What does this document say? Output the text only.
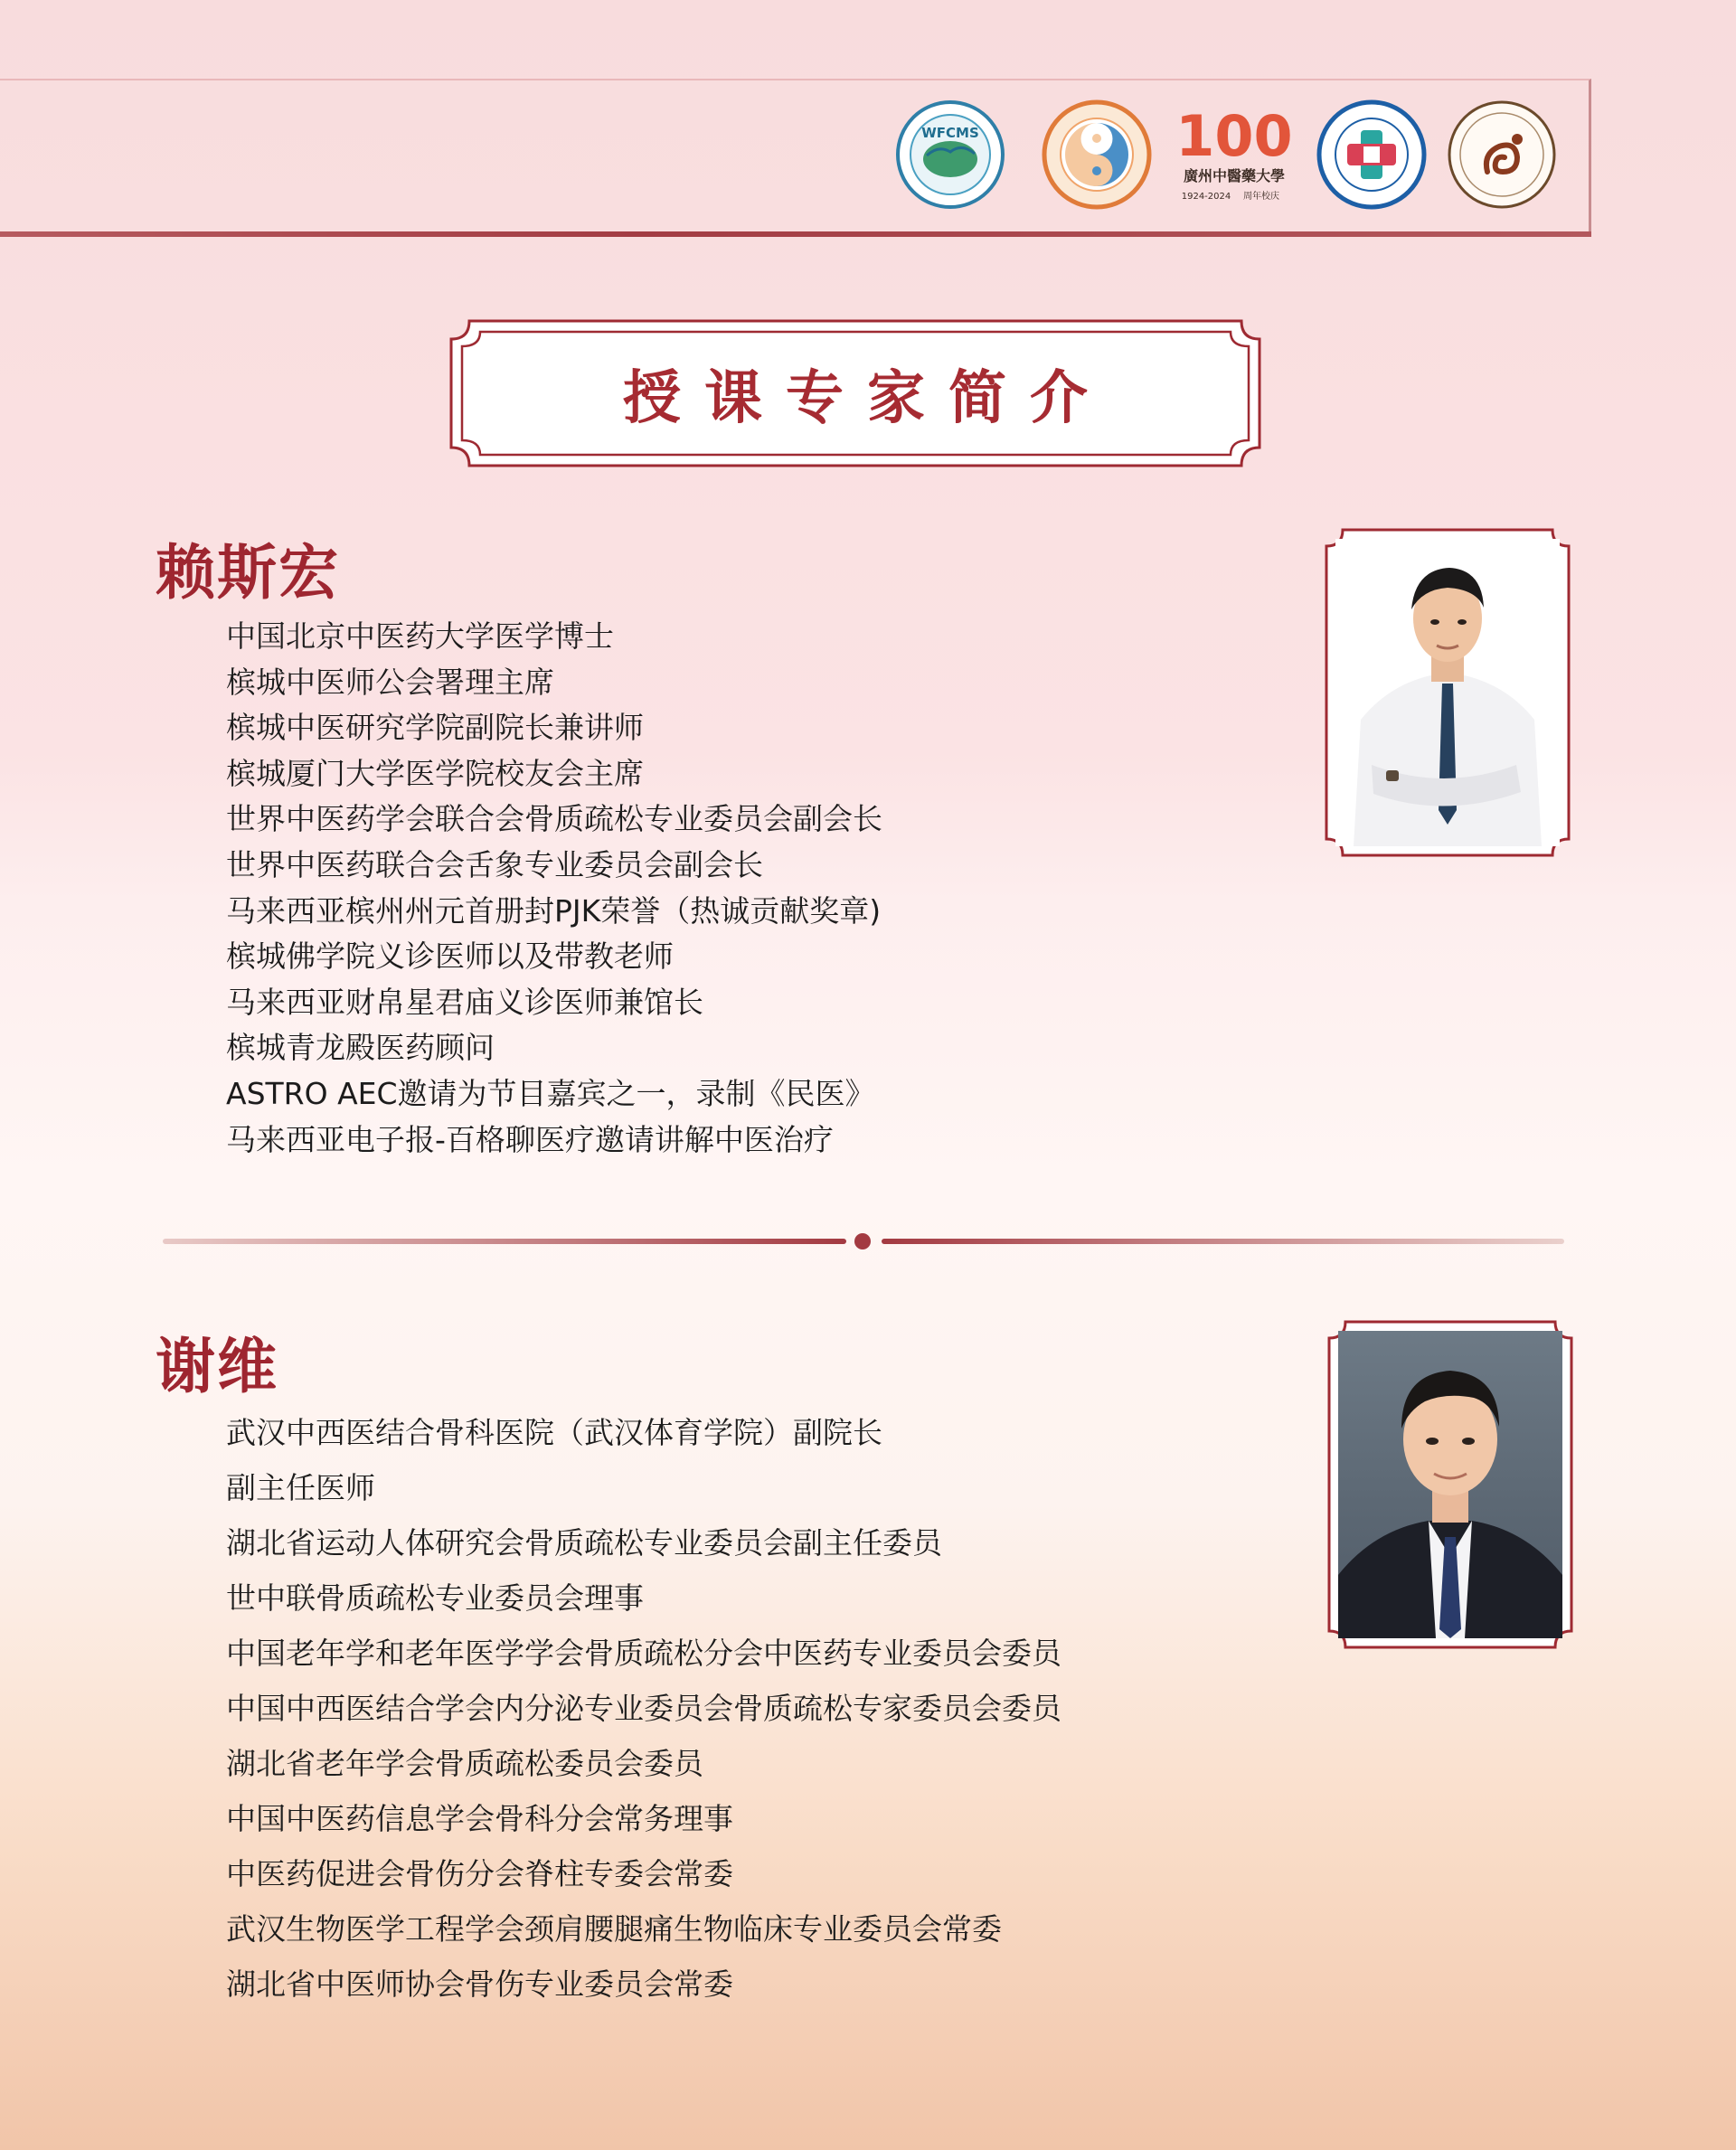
WFCMS	100
廣州中醫藥大學
1924-2024 周年校庆
授课专家简介
赖斯宏
中国北京中医药大学医学博士
槟城中医师公会署理主席
槟城中医研究学院副院长兼讲师
槟城厦门大学医学院校友会主席
世界中医药学会联合会骨质疏松专业委员会副会长
世界中医药联合会舌象专业委员会副会长
马来西亚槟州州元首册封PJK荣誉（热诚贡献奖章)
槟城佛学院义诊医师以及带教老师
马来西亚财帛星君庙义诊医师兼馆长
槟城青龙殿医药顾问
ASTRO AEC邀请为节目嘉宾之一，录制《民医》
马来西亚电子报-百格聊医疗邀请讲解中医治疗
谢维
武汉中西医结合骨科医院（武汉体育学院）副院长
副主任医师
湖北省运动人体研究会骨质疏松专业委员会副主任委员
世中联骨质疏松专业委员会理事
中国老年学和老年医学学会骨质疏松分会中医药专业委员会委员
中国中西医结合学会内分泌专业委员会骨质疏松专家委员会委员
湖北省老年学会骨质疏松委员会委员
中国中医药信息学会骨科分会常务理事
中医药促进会骨伤分会脊柱专委会常委
武汉生物医学工程学会颈肩腰腿痛生物临床专业委员会常委
湖北省中医师协会骨伤专业委员会常委
